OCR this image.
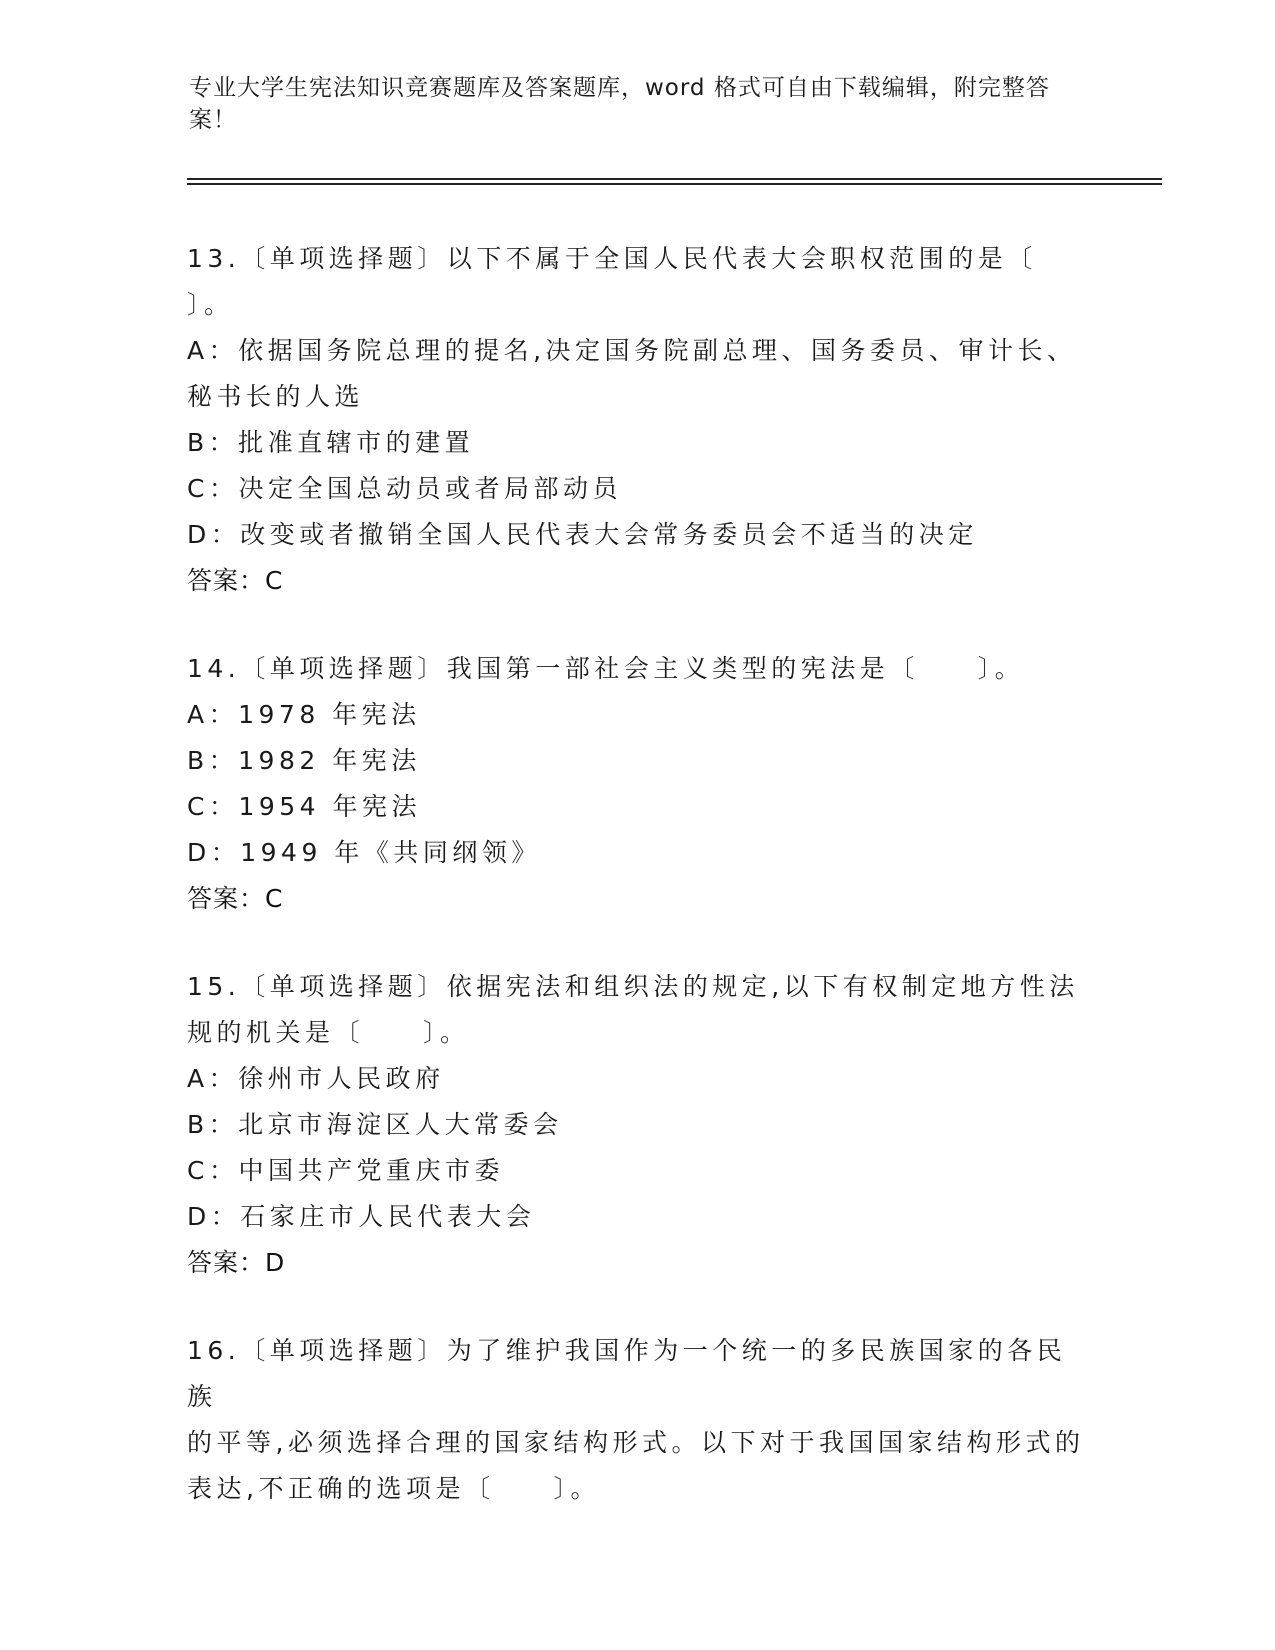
专业大学生宪法知识竞赛题库及答案题库，word 格式可自由下载编辑，附完整答
案！

13.〔单项选择题〕以下不属于全国人民代表大会职权范围的是〔

〕。

A：依据国务院总理的提名,决定国务院副总理、国务委员、审计长、

秘书长的人选

B：批准直辖市的建置

C：决定全国总动员或者局部动员

D：改变或者撤销全国人民代表大会常务委员会不适当的决定

答案：C

14.〔单项选择题〕我国第一部社会主义类型的宪法是〔　　〕。

A：1978 年宪法

B：1982 年宪法

C：1954 年宪法

D：1949 年《共同纲领》

答案：C

15.〔单项选择题〕依据宪法和组织法的规定,以下有权制定地方性法

规的机关是〔　　〕。

A：徐州市人民政府

B：北京市海淀区人大常委会

C：中国共产党重庆市委

D：石家庄市人民代表大会

答案：D

16.〔单项选择题〕为了维护我国作为一个统一的多民族国家的各民族

的平等,必须选择合理的国家结构形式。以下对于我国国家结构形式的

表达,不正确的选项是〔　　〕。
